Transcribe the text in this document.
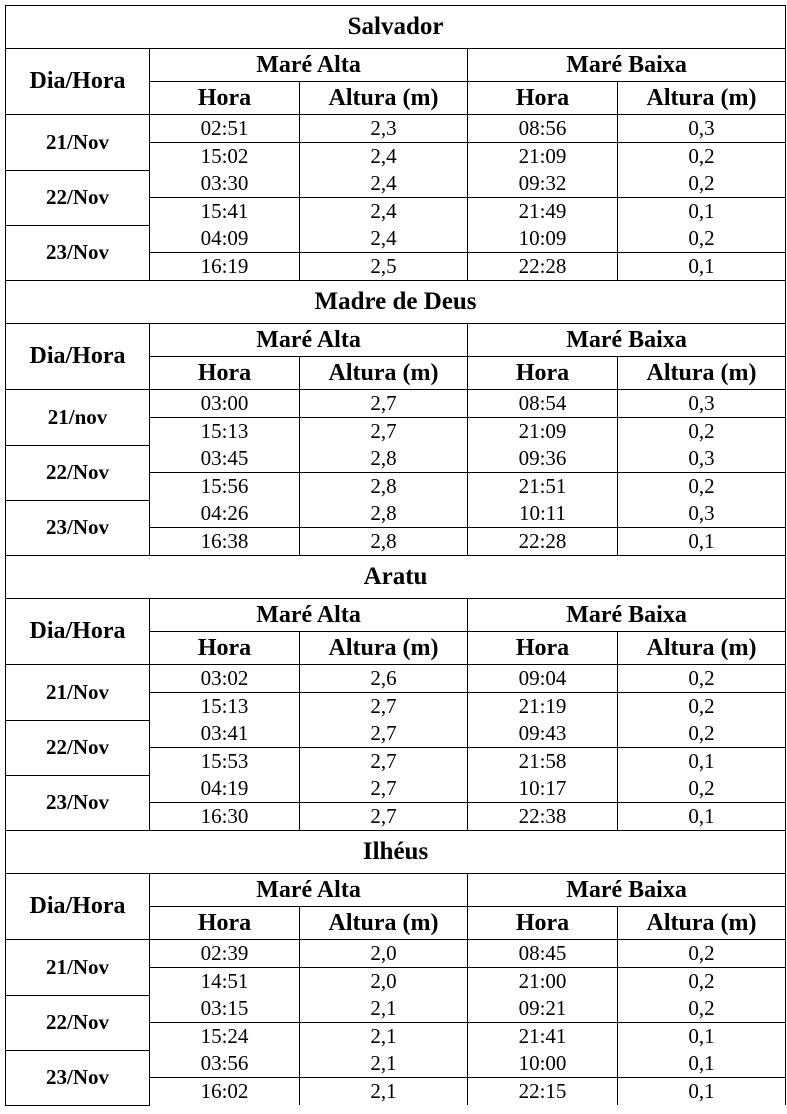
Salvador				
Dia/Hora	Maré Alta		Maré Baixa	
	Hora	Altura (m)	Hora	Altura (m)
21/Nov	02:51	2,3	08:56	0,3
	15:02	2,4	21:09	0,2
22/Nov	03:30	2,4	09:32	0,2
	15:41	2,4	21:49	0,1
23/Nov	04:09	2,4	10:09	0,2
	16:19	2,5	22:28	0,1
Madre de Deus				
Dia/Hora	Maré Alta		Maré Baixa	
	Hora	Altura (m)	Hora	Altura (m)
21/nov	03:00	2,7	08:54	0,3
	15:13	2,7	21:09	0,2
22/Nov	03:45	2,8	09:36	0,3
	15:56	2,8	21:51	0,2
23/Nov	04:26	2,8	10:11	0,3
	16:38	2,8	22:28	0,1
Aratu				
Dia/Hora	Maré Alta		Maré Baixa	
	Hora	Altura (m)	Hora	Altura (m)
21/Nov	03:02	2,6	09:04	0,2
	15:13	2,7	21:19	0,2
22/Nov	03:41	2,7	09:43	0,2
	15:53	2,7	21:58	0,1
23/Nov	04:19	2,7	10:17	0,2
	16:30	2,7	22:38	0,1
Ilhéus				
Dia/Hora	Maré Alta		Maré Baixa	
	Hora	Altura (m)	Hora	Altura (m)
21/Nov	02:39	2,0	08:45	0,2
	14:51	2,0	21:00	0,2
22/Nov	03:15	2,1	09:21	0,2
	15:24	2,1	21:41	0,1
23/Nov	03:56	2,1	10:00	0,1
	16:02	2,1	22:15	0,1
